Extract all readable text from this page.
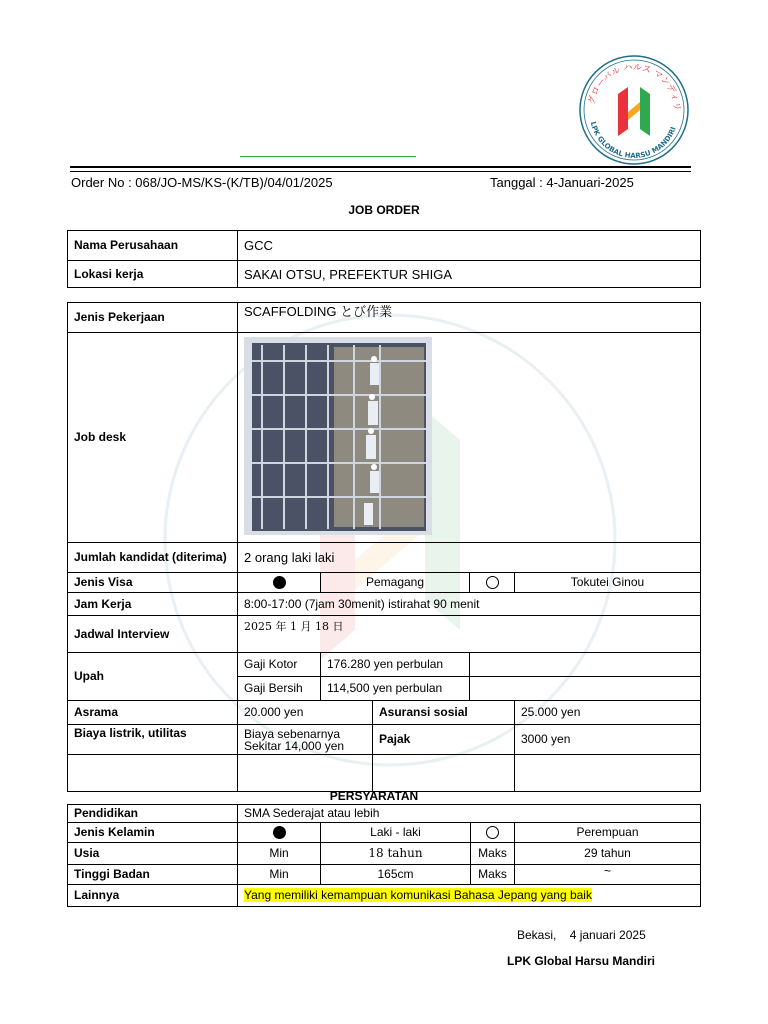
グローバル ハルス マンディリ
LPK GLOBAL HARSU MANDIRI
Order No : 068/JO-MS/KS-(K/TB)/04/01/2025	Tanggal : 4-Januari-2025
JOB ORDER
Nama Perusahaan	GCC
Lokasi kerja	SAKAI OTSU, PREFEKTUR SHIGA
Jenis Pekerjaan	SCAFFOLDING とび作業				
Job desk	
Jumlah kandidat (diterima)	2 orang laki laki				
Jenis Visa		Pemagang			Tokutei Ginou
Jam Kerja	8:00-17:00 (7jam 30menit) istirahat 90 menit				
Jadwal Interview	2025 年 1 月 18 日				
Upah	Gaji Kotor	176.280 yen perbulan			
	Gaji Bersih	114,500 yen perbulan			
Asrama	20.000 yen		Asuransi sosial		25.000 yen
Biaya listrik, utilitas	Biaya sebenarnya Sekitar 14,000 yen		Pajak		3000 yen

PERSYARATAN
Pendidikan	SMA Sederajat atau lebih			
Jenis Kelamin		Laki - laki		Perempuan
Usia	Min	18 tahun	Maks	29 tahun
Tinggi Badan	Min	165cm	Maks	~
Lainnya	Yang memiliki kemampuan komunikasi Bahasa Jepang yang baik			
Bekasi,    4 januari 2025
LPK Global Harsu Mandiri
